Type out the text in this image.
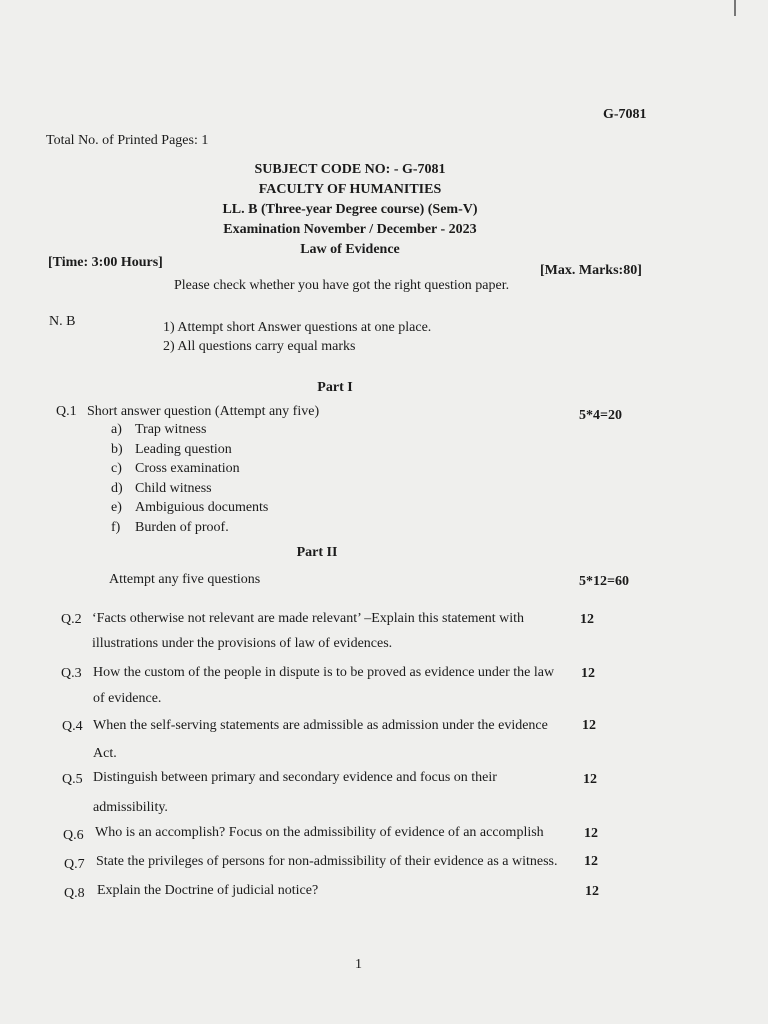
G-7081
Total No. of Printed Pages: 1
SUBJECT CODE NO: - G-7081
FACULTY OF HUMANITIES
LL. B (Three-year Degree course) (Sem-V)
Examination November / December - 2023
Law of Evidence
[Time: 3:00 Hours]
[Max. Marks:80]
Please check whether you have got the right question paper.
N. B	1) Attempt short Answer questions at one place.
2) All questions carry equal marks
Part I
Q.1 Short answer question (Attempt any five)	5*4=20
a) Trap witness
b) Leading question
c) Cross examination
d) Child witness
e) Ambiguious documents
f) Burden of proof.
Part II
Attempt any five questions	5*12=60
Q.2 ‘Facts otherwise not relevant are made relevant’ –Explain this statement with
illustrations under the provisions of law of evidences.
12
Q.3 How the custom of the people in dispute is to be proved as evidence under the law
of evidence.
12
Q.4 When the self-serving statements are admissible as admission under the evidence
Act.
12
Q.5 Distinguish between primary and secondary evidence and focus on their
admissibility.
12
Q.6 Who is an accomplish? Focus on the admissibility of evidence of an accomplish	12
Q.7 State the privileges of persons for non-admissibility of their evidence as a witness. 12
Q.8 Explain the Doctrine of judicial notice?	12
1
